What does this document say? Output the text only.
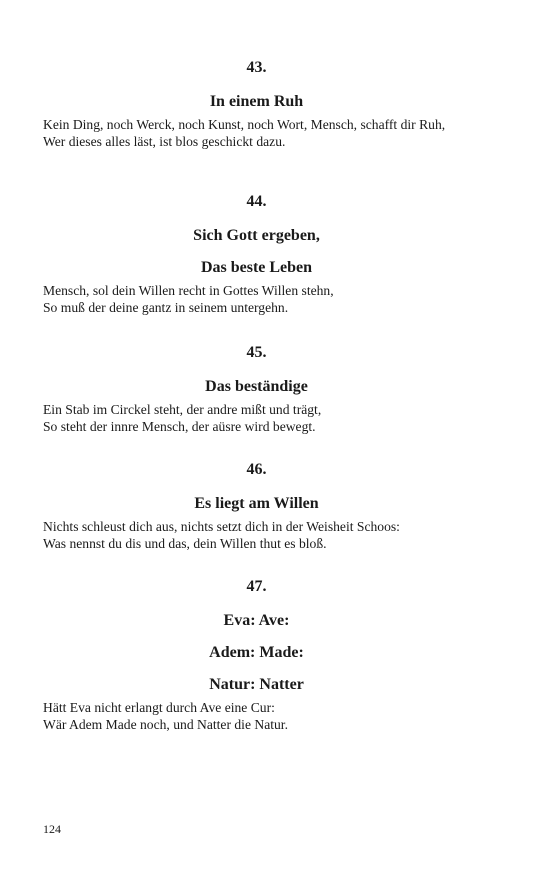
43.
In einem Ruh
Kein Ding, noch Werck, noch Kunst, noch Wort, Mensch, schafft dir Ruh,
Wer dieses alles läst, ist blos geschickt dazu.
44.
Sich Gott ergeben,
Das beste Leben
Mensch, sol dein Willen recht in Gottes Willen stehn,
So muß der deine gantz in seinem untergehn.
45.
Das beständige
Ein Stab im Circkel steht, der andre mißt und trägt,
So steht der innre Mensch, der aüsre wird bewegt.
46.
Es liegt am Willen
Nichts schleust dich aus, nichts setzt dich in der Weisheit Schoos:
Was nennst du dis und das, dein Willen thut es bloß.
47.
Eva: Ave:
Adem: Made:
Natur: Natter
Hätt Eva nicht erlangt durch Ave eine Cur:
Wär Adem Made noch, und Natter die Natur.
124
